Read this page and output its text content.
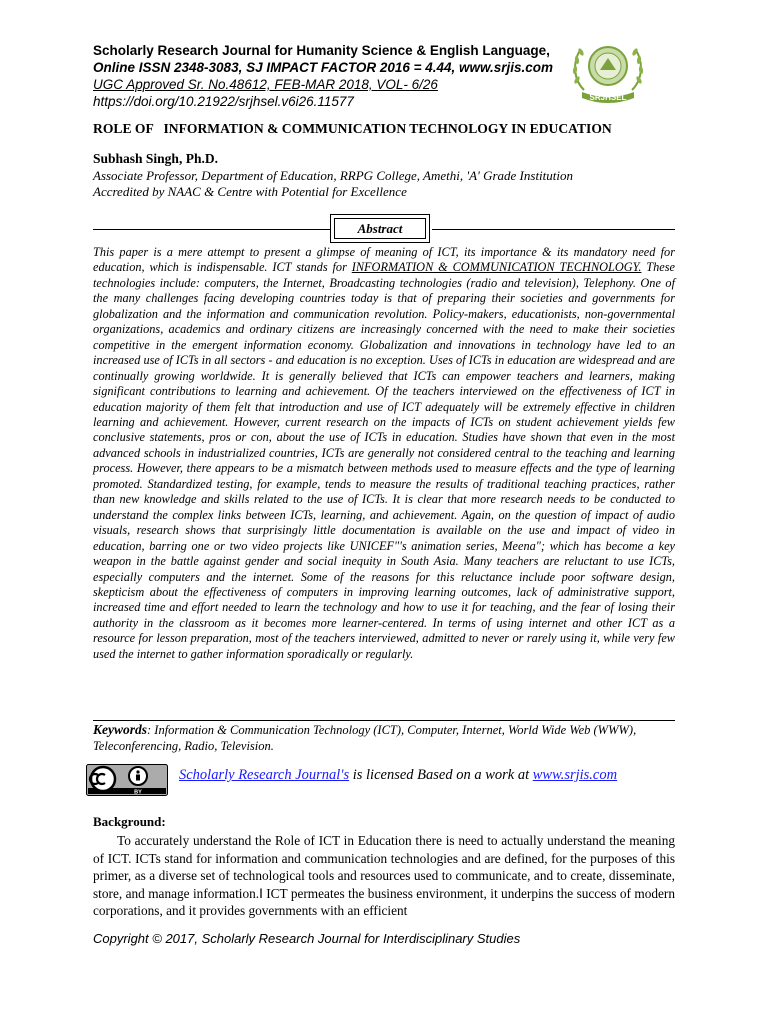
Scholarly Research Journal for Humanity Science & English Language,
Online ISSN 2348-3083, SJ IMPACT FACTOR 2016 = 4.44, www.srjis.com
UGC Approved Sr. No.48612, FEB-MAR 2018, VOL- 6/26
https://doi.org/10.21922/srjhsel.v6i26.11577	SRJHSEL
ROLE OF   INFORMATION & COMMUNICATION TECHNOLOGY IN EDUCATION
Subhash Singh, Ph.D.
Associate Professor, Department of Education, RRPG College, Amethi, 'A' Grade Institution
Accredited by NAAC & Centre with Potential for Excellence
Abstract
This paper is a mere attempt to present a glimpse of meaning of ICT, its importance & its mandatory need for education, which is indispensable. ICT stands for INFORMATION & COMMUNICATION TECHNOLOGY. These technologies include: computers, the Internet, Broadcasting technologies (radio and television), Telephony. One of the many challenges facing developing countries today is that of preparing their societies and governments for globalization and the information and communication revolution. Policy-makers, educationists, non-governmental organizations, academics and ordinary citizens are increasingly concerned with the need to make their societies competitive in the emergent information economy. Globalization and innovations in technology have led to an increased use of ICTs in all sectors - and education is no exception. Uses of ICTs in education are widespread and are continually growing worldwide. It is generally believed that ICTs can empower teachers and learners, making significant contributions to learning and achievement. Of the teachers interviewed on the effectiveness of ICT in education majority of them felt that introduction and use of ICT adequately will be extremely effective in children learning and achievement. However, current research on the impacts of ICTs on student achievement yields few conclusive statements, pros or con, about the use of ICTs in education. Studies have shown that even in the most advanced schools in industrialized countries, ICTs are generally not considered central to the teaching and learning process. However, there appears to be a mismatch between methods used to measure effects and the type of learning promoted. Standardized testing, for example, tends to measure the results of traditional teaching practices, rather than new knowledge and skills related to the use of ICTs. It is clear that more research needs to be conducted to understand the complex links between ICTs, learning, and achievement. Again, on the question of impact of audio visuals, research shows that surprisingly little documentation is available on the use and impact of video in education, barring one or two video projects like UNICEF"'s animation series, Meena"; which has become a key weapon in the battle against gender and social inequity in South Asia. Many teachers are reluctant to use ICTs, especially computers and the internet. Some of the reasons for this reluctance include poor software design, skepticism about the effectiveness of computers in improving learning outcomes, lack of administrative support, increased time and effort needed to learn the technology and how to use it for teaching, and the fear of losing their authority in the classroom as it becomes more learner-centered. In terms of using internet and other ICT as a resource for lesson preparation, most of the teachers interviewed, admitted to never or rarely using it, while very few used the internet to gather information sporadically or regularly.
Keywords: Information & Communication Technology (ICT), Computer, Internet, World Wide Web (WWW), Teleconferencing, Radio, Television.
BY
Scholarly Research Journal's is licensed Based on a work at www.srjis.com
Background:
To accurately understand the Role of ICT in Education there is need to actually understand the meaning of ICT. ICTs stand for information and communication technologies and are defined, for the purposes of this primer, as a diverse set of technological tools and resources used to communicate, and to create, disseminate, store, and manage information.‖ ICT permeates the business environment, it underpins the success of modern corporations, and it provides governments with an efficient
Copyright © 2017, Scholarly Research Journal for Interdisciplinary Studies
